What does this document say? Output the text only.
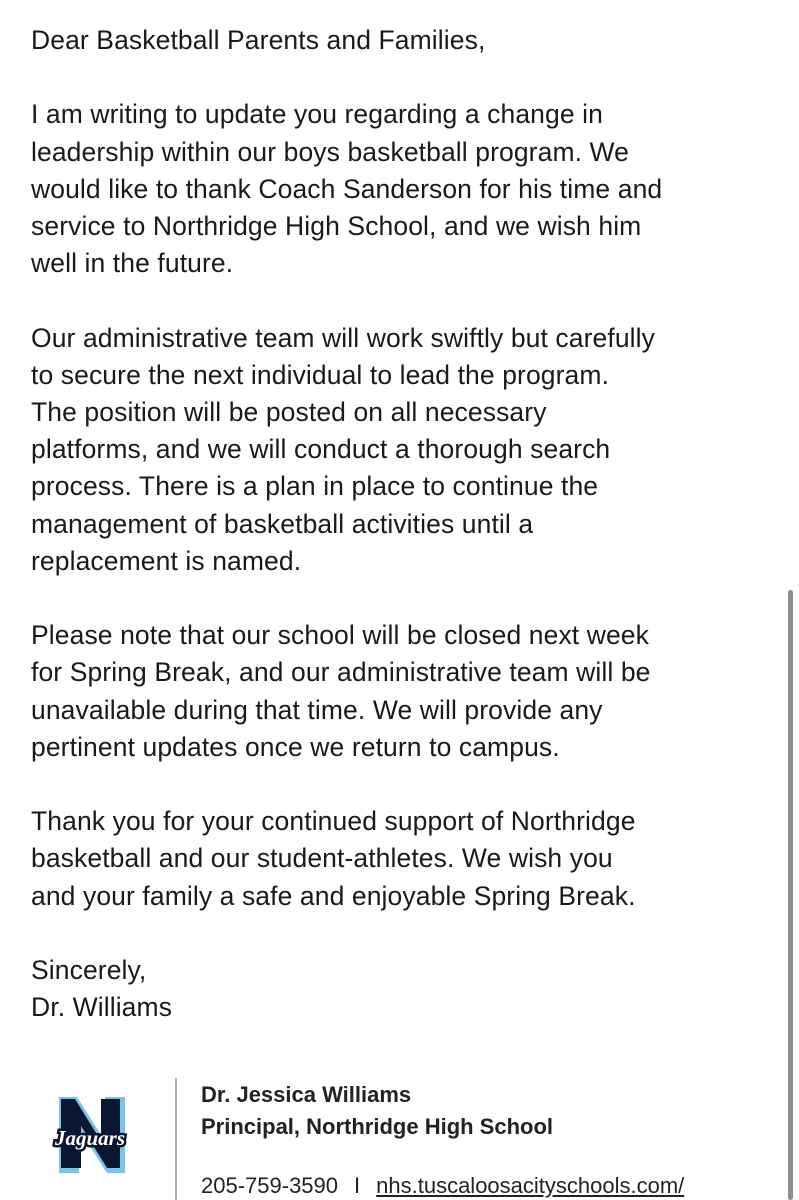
Dear Basketball Parents and Families,

I am writing to update you regarding a change in
leadership within our boys basketball program. We
would like to thank Coach Sanderson for his time and
service to Northridge High School, and we wish him
well in the future.

Our administrative team will work swiftly but carefully
to secure the next individual to lead the program.
The position will be posted on all necessary
platforms, and we will conduct a thorough search
process. There is a plan in place to continue the
management of basketball activities until a
replacement is named.

Please note that our school will be closed next week
for Spring Break, and our administrative team will be
unavailable during that time. We will provide any
pertinent updates once we return to campus.

Thank you for your continued support of Northridge
basketball and our student-athletes. We wish you
and your family a safe and enjoyable Spring Break.

Sincerely,
Dr. Williams

Jaguars
Dr. Jessica Williams
Principal, Northridge High School
205-759-3590 I nhs.tuscaloosacityschools.com/
